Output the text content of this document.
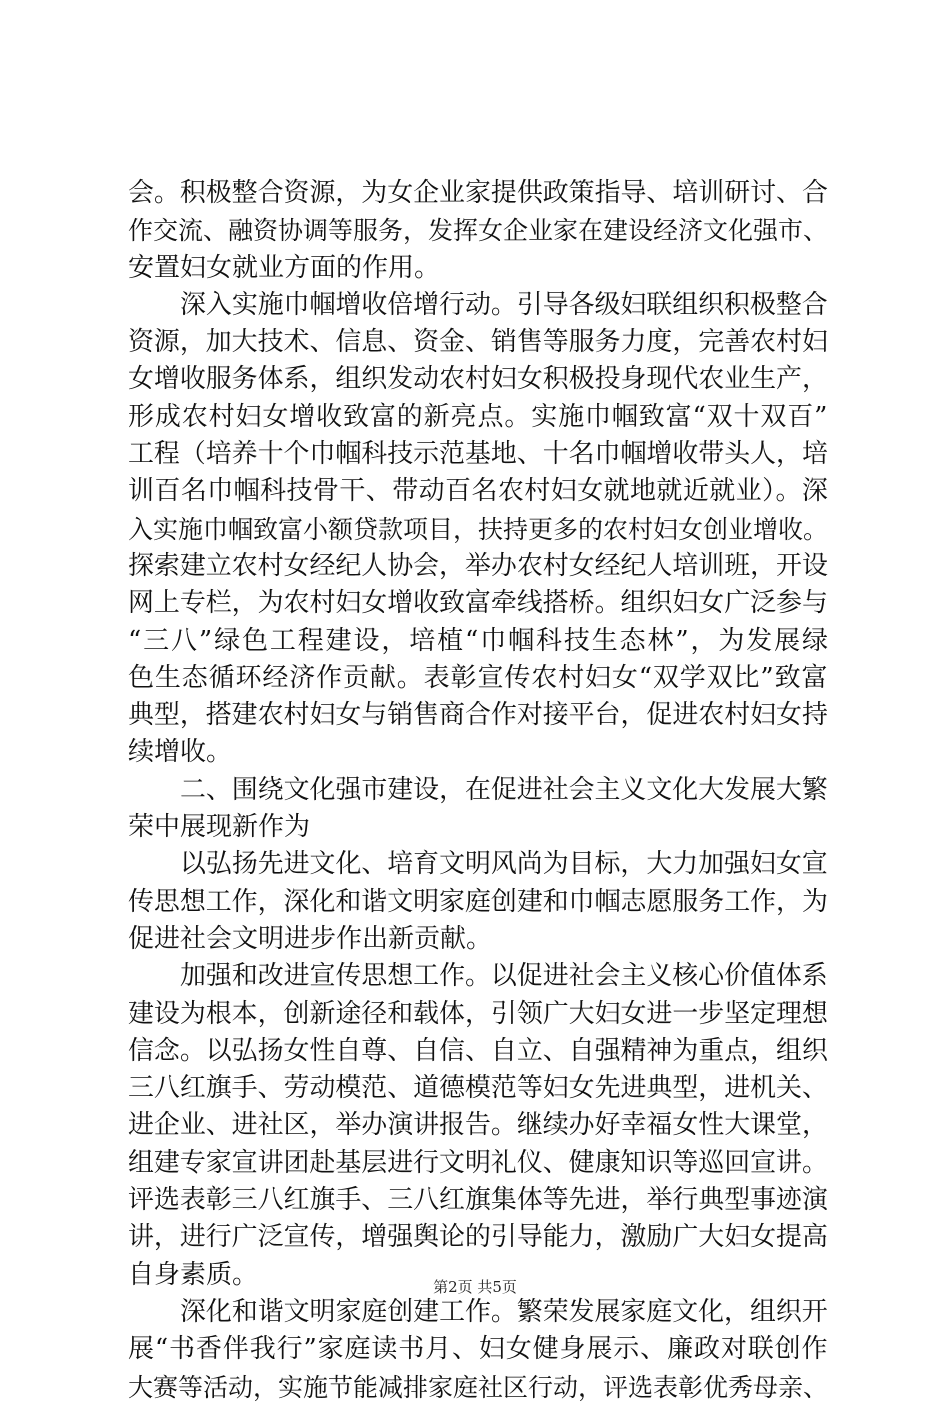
会。积极整合资源，为女企业家提供政策指导、培训研讨、合
作交流、融资协调等服务，发挥女企业家在建设经济文化强市、
安置妇女就业方面的作用。
深入实施巾帼增收倍增行动。引导各级妇联组织积极整合
资源，加大技术、信息、资金、销售等服务力度，完善农村妇
女增收服务体系，组织发动农村妇女积极投身现代农业生产，
形成农村妇女增收致富的新亮点。实施巾帼致富“双十双百”
工程（培养十个巾帼科技示范基地、十名巾帼增收带头人，培
训百名巾帼科技骨干、带动百名农村妇女就地就近就业）。深
入实施巾帼致富小额贷款项目，扶持更多的农村妇女创业增收。
探索建立农村女经纪人协会，举办农村女经纪人培训班，开设
网上专栏，为农村妇女增收致富牵线搭桥。组织妇女广泛参与
“三八”绿色工程建设，培植“巾帼科技生态林”，为发展绿
色生态循环经济作贡献。表彰宣传农村妇女“双学双比”致富
典型，搭建农村妇女与销售商合作对接平台，促进农村妇女持
续增收。
二、围绕文化强市建设，在促进社会主义文化大发展大繁
荣中展现新作为
以弘扬先进文化、培育文明风尚为目标，大力加强妇女宣
传思想工作，深化和谐文明家庭创建和巾帼志愿服务工作，为
促进社会文明进步作出新贡献。
加强和改进宣传思想工作。以促进社会主义核心价值体系
建设为根本，创新途径和载体，引领广大妇女进一步坚定理想
信念。以弘扬女性自尊、自信、自立、自强精神为重点，组织
三八红旗手、劳动模范、道德模范等妇女先进典型，进机关、
进企业、进社区，举办演讲报告。继续办好幸福女性大课堂，
组建专家宣讲团赴基层进行文明礼仪、健康知识等巡回宣讲。
评选表彰三八红旗手、三八红旗集体等先进，举行典型事迹演
讲，进行广泛宣传，增强舆论的引导能力，激励广大妇女提高
自身素质。
深化和谐文明家庭创建工作。繁荣发展家庭文化，组织开
展“书香伴我行”家庭读书月、妇女健身展示、廉政对联创作
大赛等活动，实施节能减排家庭社区行动，评选表彰优秀母亲、
第2页 共5页
